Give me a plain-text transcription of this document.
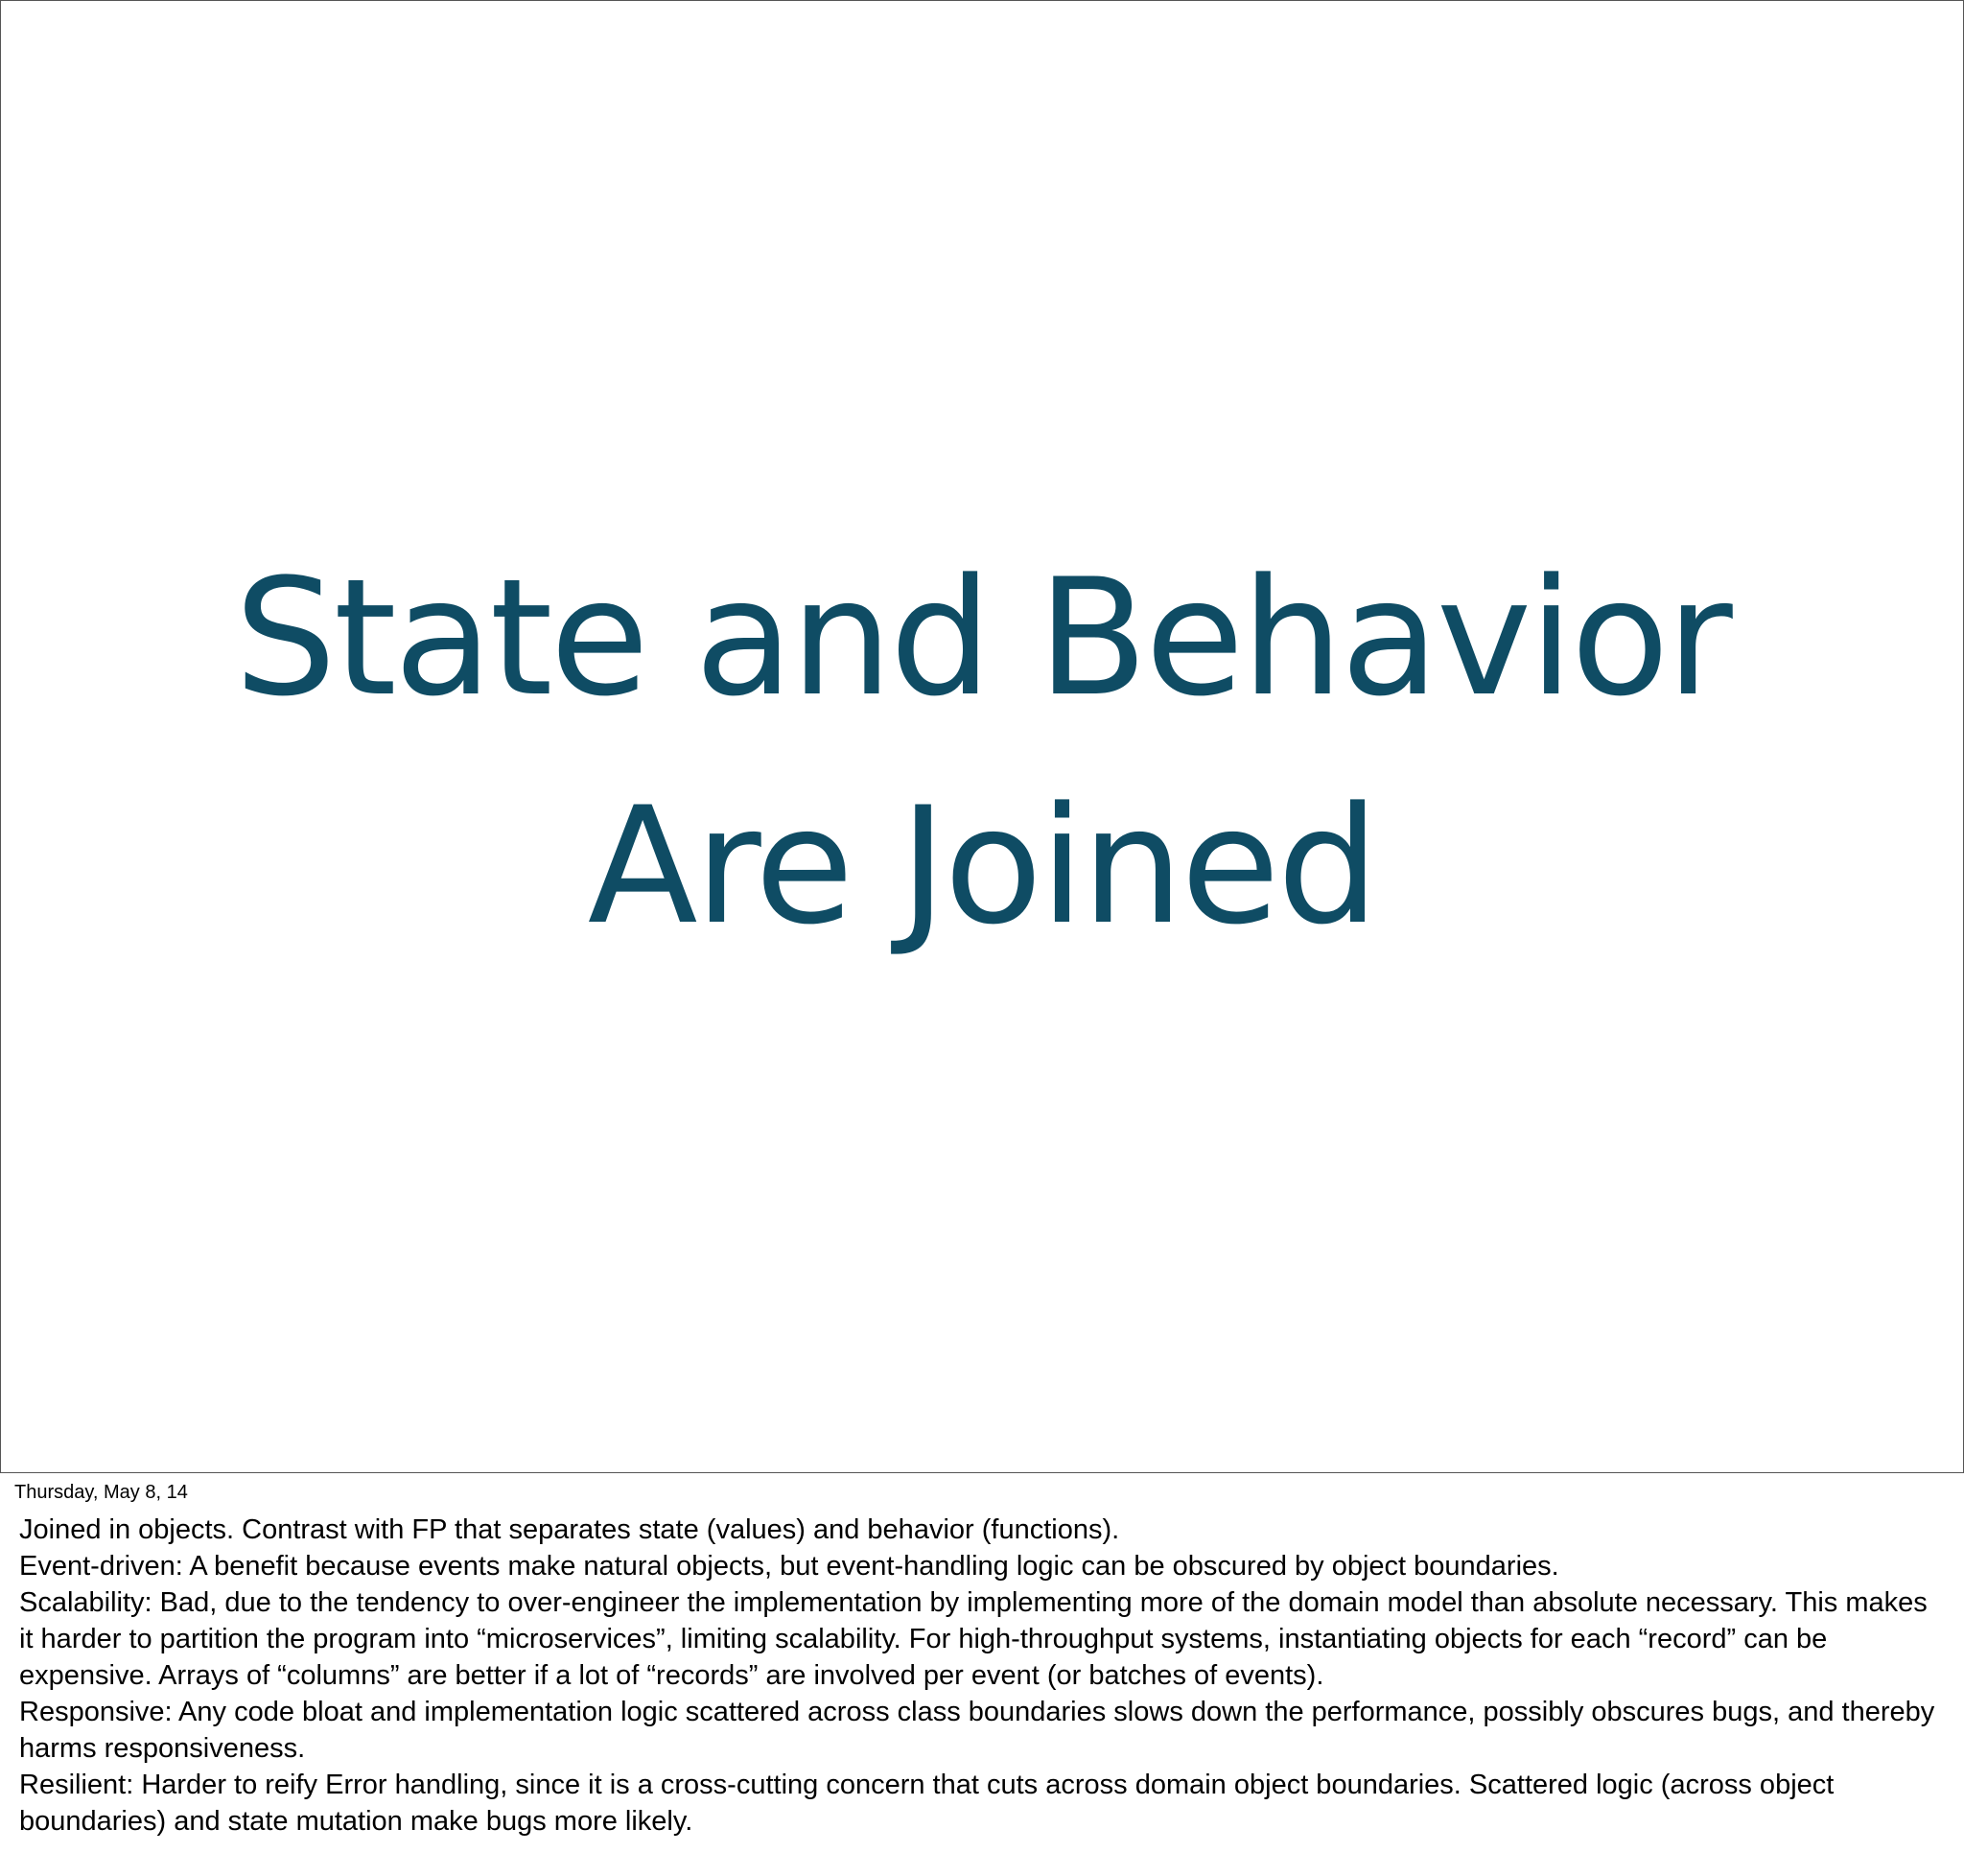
State and Behavior
Are Joined
Thursday, May 8, 14
Joined in objects. Contrast with FP that separates state (values) and behavior (functions).
Event-driven: A benefit because events make natural objects, but event-handling logic can be obscured by object boundaries.
Scalability: Bad, due to the tendency to over-engineer the implementation by implementing more of the domain model than absolute necessary. This makes it harder to partition the program into “microservices”, limiting scalability. For high-throughput systems, instantiating objects for each “record” can be expensive. Arrays of “columns” are better if a lot of “records” are involved per event (or batches of events).
Responsive: Any code bloat and implementation logic scattered across class boundaries slows down the performance, possibly obscures bugs, and thereby harms responsiveness.
Resilient: Harder to reify Error handling, since it is a cross-cutting concern that cuts across domain object boundaries. Scattered logic (across object boundaries) and state mutation make bugs more likely.
